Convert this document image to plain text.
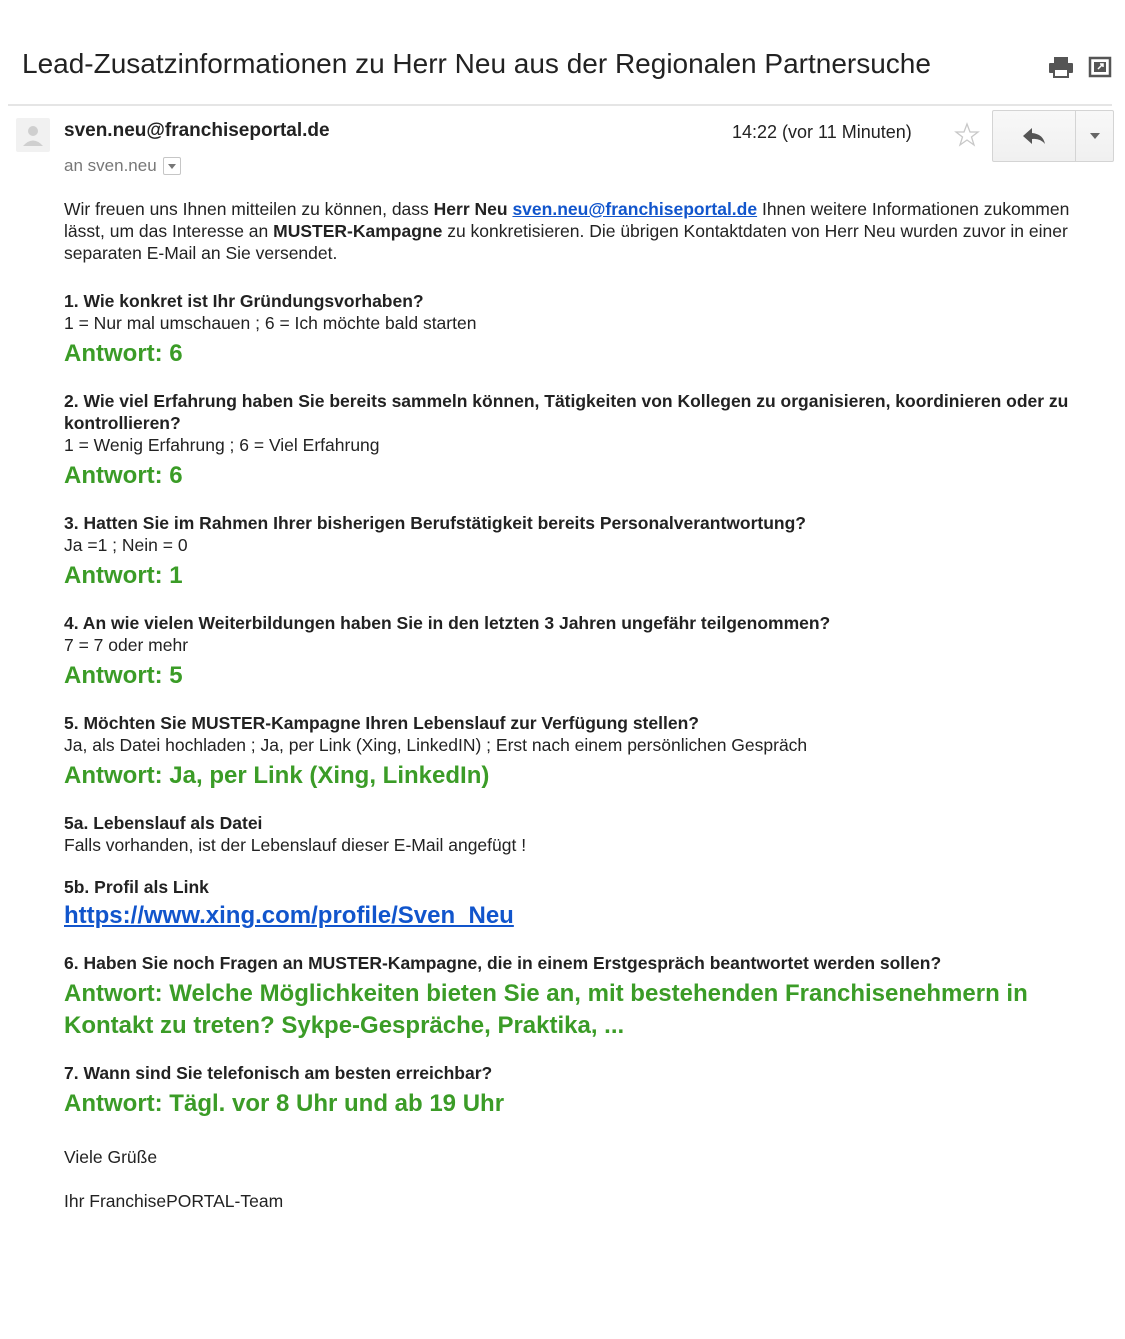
Lead-Zusatzinformationen zu Herr Neu aus der Regionalen Partnersuche
sven.neu@franchiseportal.de
an
sven.neu
14:22 (vor 11 Minuten)

Wir freuen uns Ihnen mitteilen zu können, dass Herr Neu sven.neu@franchiseportal.de Ihnen weitere Informationen zukommen lässt, um das Interesse an MUSTER-Kampagne zu konkretisieren. Die übrigen Kontaktdaten von Herr Neu wurden zuvor in einer separaten E-Mail an Sie versendet.

1. Wie konkret ist Ihr Gründungsvorhaben?

1 = Nur mal umschauen ; 6 = Ich möchte bald starten

Antwort: 6

2. Wie viel Erfahrung haben Sie bereits sammeln können, Tätigkeiten von Kollegen zu organisieren, koordinieren oder zu kontrollieren?

1 = Wenig Erfahrung ; 6 = Viel Erfahrung

Antwort: 6

3. Hatten Sie im Rahmen Ihrer bisherigen Berufstätigkeit bereits Personalverantwortung?

Ja =1 ; Nein = 0

Antwort: 1

4. An wie vielen Weiterbildungen haben Sie in den letzten 3 Jahren ungefähr teilgenommen?

7 = 7 oder mehr

Antwort: 5

5. Möchten Sie MUSTER-Kampagne Ihren Lebenslauf zur Verfügung stellen?

Ja, als Datei hochladen ; Ja, per Link (Xing, LinkedIN) ; Erst nach einem persönlichen Gespräch

Antwort: Ja, per Link (Xing, LinkedIn)

5a. Lebenslauf als Datei

Falls vorhanden, ist der Lebenslauf dieser E-Mail angefügt !

5b. Profil als Link

https://www.xing.com/profile/Sven_Neu

6. Haben Sie noch Fragen an MUSTER-Kampagne, die in einem Erstgespräch beantwortet werden sollen?

Antwort: Welche Möglichkeiten bieten Sie an, mit bestehenden Franchisenehmern in Kontakt zu treten? Sykpe-Gespräche, Praktika, ...

7. Wann sind Sie telefonisch am besten erreichbar?

Antwort: Tägl. vor 8 Uhr und ab 19 Uhr

Viele Grüße

Ihr FranchisePORTAL-Team
